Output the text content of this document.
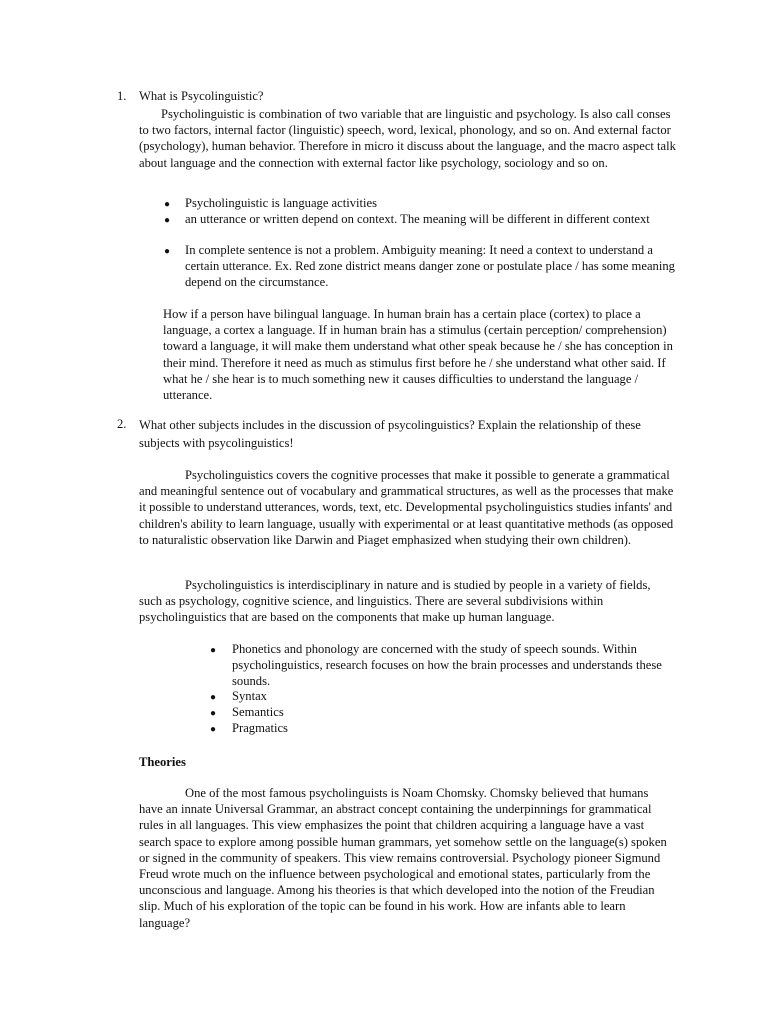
1. What is Psycolinguistic?

Psycholinguistic is combination of two variable that are linguistic and psychology. Is also call conses to two factors, internal factor (linguistic) speech, word, lexical, phonology, and so on. And external factor (psychology), human behavior. Therefore in micro it discuss about the language, and the macro aspect talk about language and the connection with external factor like psychology, sociology and so on.

● Psycholinguistic is language activities

● an utterance or written depend on context. The meaning will be different in different context

● In complete sentence is not a problem. Ambiguity meaning: It need a context to understand a certain utterance. Ex. Red zone district means danger zone or postulate place / has some meaning depend on the circumstance.

How if a person have bilingual language. In human brain has a certain place (cortex) to place a language, a cortex a language. If in human brain has a stimulus (certain perception/ comprehension) toward a language, it will make them understand what other speak because he / she has conception in their mind. Therefore it need as much as stimulus first before he / she understand what other said. If what he / she hear is to much something new it causes difficulties to understand the language / utterance.

2. What other subjects includes in the discussion of psycolinguistics? Explain the relationship of these subjects with psycolinguistics!

Psycholinguistics covers the cognitive processes that make it possible to generate a grammatical and meaningful sentence out of vocabulary and grammatical structures, as well as the processes that make it possible to understand utterances, words, text, etc. Developmental psycholinguistics studies infants' and children's ability to learn language, usually with experimental or at least quantitative methods (as opposed to naturalistic observation like Darwin and Piaget emphasized when studying their own children).

Psycholinguistics is interdisciplinary in nature and is studied by people in a variety of fields, such as psychology, cognitive science, and linguistics. There are several subdivisions within psycholinguistics that are based on the components that make up human language.

● Phonetics and phonology are concerned with the study of speech sounds. Within psycholinguistics, research focuses on how the brain processes and understands these sounds.

● Syntax

● Semantics

● Pragmatics

Theories

One of the most famous psycholinguists is Noam Chomsky. Chomsky believed that humans have an innate Universal Grammar, an abstract concept containing the underpinnings for grammatical rules in all languages. This view emphasizes the point that children acquiring a language have a vast search space to explore among possible human grammars, yet somehow settle on the language(s) spoken or signed in the community of speakers. This view remains controversial. Psychology pioneer Sigmund Freud wrote much on the influence between psychological and emotional states, particularly from the unconscious and language. Among his theories is that which developed into the notion of the Freudian slip. Much of his exploration of the topic can be found in his work. How are infants able to learn language?
